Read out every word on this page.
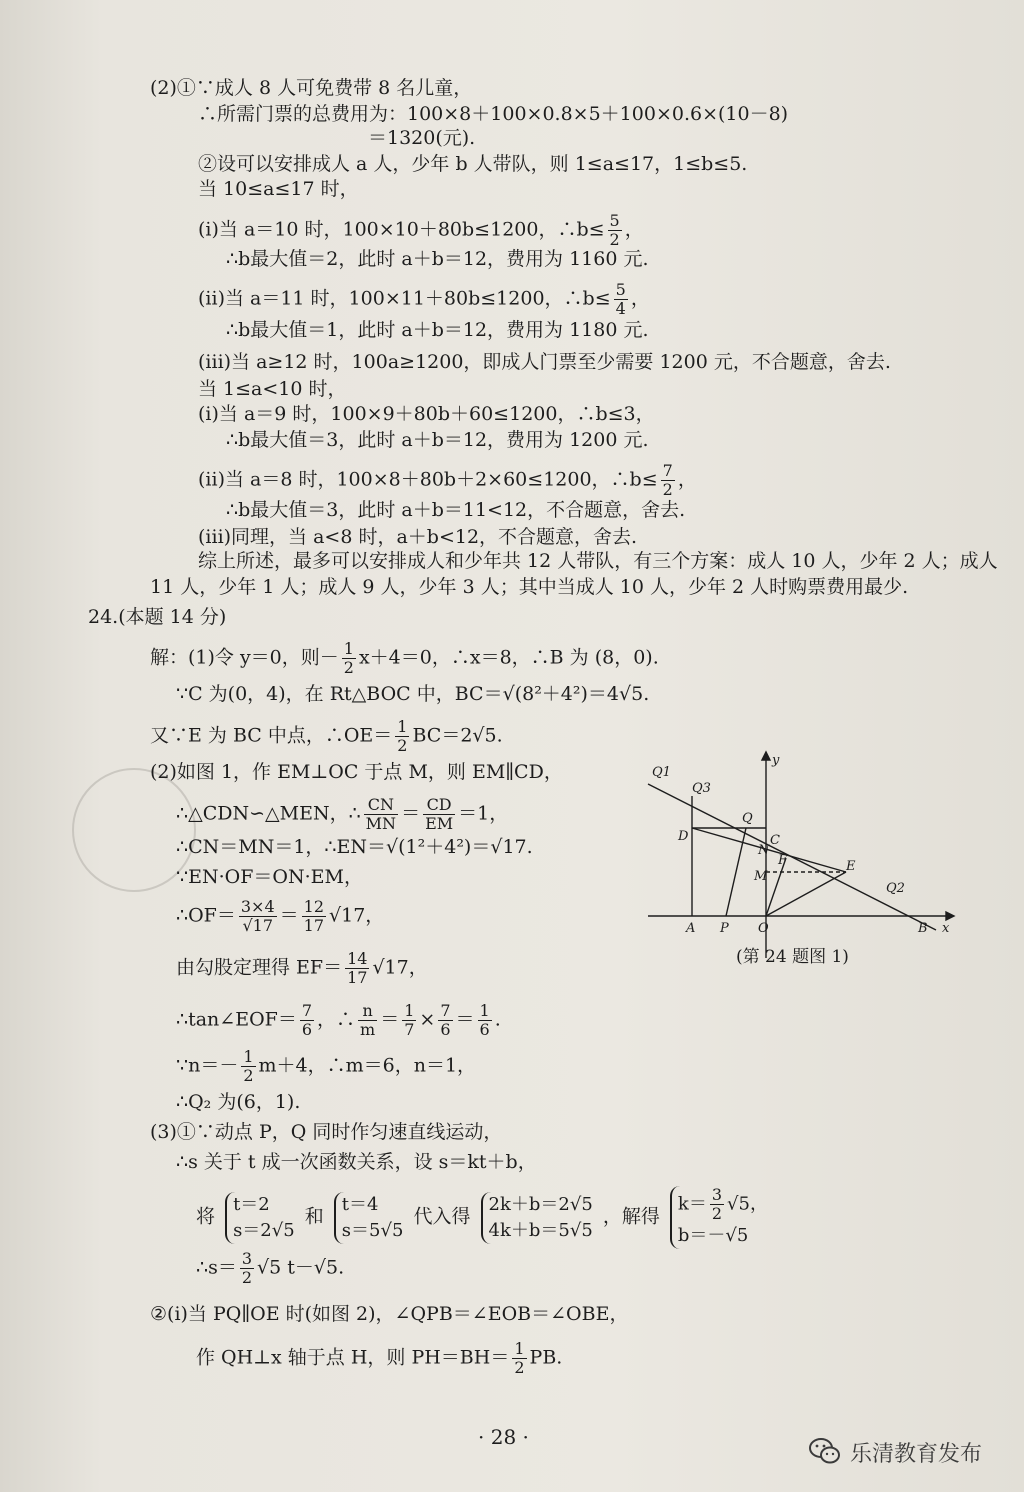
(2)①∵成人 8 人可免费带 8 名儿童，
∴所需门票的总费用为：100×8＋100×0.8×5＋100×0.6×(10－8)
＝1320(元).
②设可以安排成人 a 人，少年 b 人带队，则 1≤a≤17，1≤b≤5.
当 10≤a≤17 时，
(i)当 a＝10 时，100×10＋80b≤1200，∴b≤ $\frac{5}{2}$ ，
∴b最大值＝2，此时 a＋b＝12，费用为 1160 元.
(ii)当 a＝11 时，100×11＋80b≤1200，∴b≤ $\frac{5}{4}$ ，
∴b最大值＝1，此时 a＋b＝12，费用为 1180 元.
(iii)当 a≥12 时，100a≥1200，即成人门票至少需要 1200 元，不合题意，舍去.
当 1≤a<10 时，
(i)当 a＝9 时，100×9＋80b＋60≤1200，∴b≤3，
∴b最大值＝3，此时 a＋b＝12，费用为 1200 元.
(ii)当 a＝8 时，100×8＋80b＋2×60≤1200，∴b≤ $\frac{7}{2}$ ，
∴b最大值＝3，此时 a＋b＝11<12，不合题意，舍去.
(iii)同理，当 a<8 时，a＋b<12，不合题意，舍去.
综上所述，最多可以安排成人和少年共 12 人带队，有三个方案：成人 10 人，少年 2 人；成人
11 人，少年 1 人；成人 9 人，少年 3 人；其中当成人 10 人，少年 2 人时购票费用最少.
24.(本题 14 分)
解：(1)令 y＝0，则－ $\frac{1}{2} x+4=0$，∴x＝8，∴B 为 (8，0).
∵C 为(0，4)，在 Rt△BOC 中，BC＝√(8²＋4²)＝4√5.
又∵E 为 BC 中点，∴OE＝ $\frac{1}{2} BC=2√5$.
(2)如图 1，作 EM⊥OC 于点 M，则 EM∥CD，
∴△CDN∽△MEN，∴ $\frac{CN}{MN} = \frac{CD}{EM} =1$，
∴CN＝MN＝1，∴EN＝√(1²＋4²)＝√17.
∵EN·OF＝ON·EM，
∴OF＝ $\frac{3\times 4}{√17} = \frac{12}{17} √17$，
由勾股定理得 $EF= \frac{14}{17} √17$，
∴tan∠EOF＝ $\frac{7}{6}$ ，∴ $\frac{n}{m} = \frac{1}{7} \times \frac{7}{6} = \frac{1}{6}$ .
∵n＝－ $\frac{1}{2} m+4$，∴m＝6，n＝1，
∴Q₂ 为(6，1).
(3)①∵动点 P，Q 同时作匀速直线运动，
∴s 关于 t 成一次函数关系，设 s＝kt＋b，
将
t＝2
s＝2√5
和
t＝4
s＝5√5
代入得
2k＋b＝2√5
4k＋b＝5√5
，解得
$k= \frac{3}{2} √5$，
b＝－√5
∴s＝ $\frac{3}{2} √5$ t－√5.
②(i)当 PQ∥OE 时(如图 2)，∠QPB＝∠EOB＝∠OBE，
作 QH⊥x 轴于点 H，则 $PH=BH= \frac{1}{2}$ PB.
Q1
Q3
y
Q
D	C
N
F
M
E
Q2
A P O	B x
(第 24 题图 1)
· 28 ·
乐清教育发布
